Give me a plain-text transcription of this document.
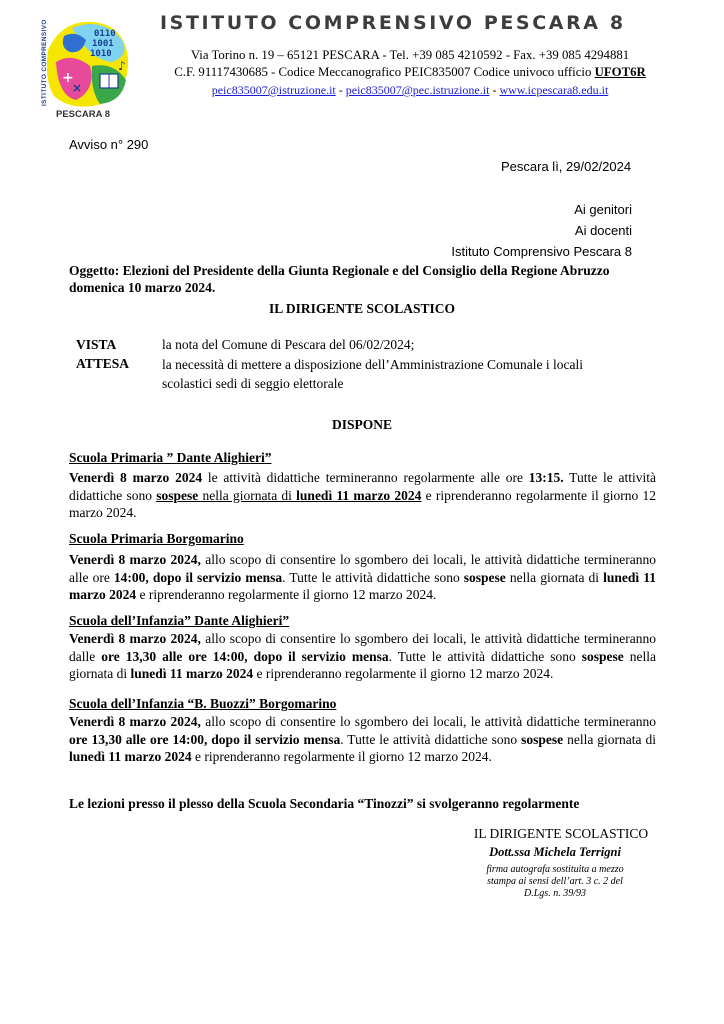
0110
1001
1010
+
×
♪
ISTITUTO COMPRENSIVO
PESCARA 8
ISTITUTO COMPRENSIVO PESCARA 8
Via Torino n. 19 – 65121 PESCARA - Tel. +39 085 4210592 - Fax. +39 085 4294881
C.F. 91117430685 - Codice Meccanografico PEIC835007 Codice univoco ufficio UFOT6R
peic835007@istruzione.it - peic835007@pec.istruzione.it - www.icpescara8.edu.it
Avviso n° 290
Pescara lì, 29/02/2024
Ai genitori
Ai docenti
Istituto Comprensivo Pescara 8
Oggetto: Elezioni del Presidente della Giunta Regionale e del Consiglio della Regione Abruzzo
domenica 10 marzo 2024.
IL DIRIGENTE SCOLASTICO
VISTA	la nota del Comune di Pescara del 06/02/2024;
ATTESA la necessità di mettere a disposizione dell’Amministrazione Comunale i locali
scolastici sedi di seggio elettorale
DISPONE
Scuola Primaria ” Dante Alighieri”
Venerdì 8 marzo 2024 le attività didattiche termineranno regolarmente alle ore 13:15. Tutte le attività didattiche sono sospese nella giornata di lunedì 11 marzo 2024 e riprenderanno regolarmente il giorno 12 marzo 2024.
Scuola Primaria Borgomarino
Venerdì 8 marzo 2024, allo scopo di consentire lo sgombero dei locali, le attività didattiche termineranno alle ore 14:00, dopo il servizio mensa. Tutte le attività didattiche sono sospese nella giornata di lunedì 11 marzo 2024 e riprenderanno regolarmente il giorno 12 marzo 2024.
Scuola dell’Infanzia” Dante Alighieri”
Venerdì 8 marzo 2024, allo scopo di consentire lo sgombero dei locali, le attività didattiche termineranno dalle ore 13,30 alle ore 14:00, dopo il servizio mensa. Tutte le attività didattiche sono sospese nella giornata di lunedì 11 marzo 2024 e riprenderanno regolarmente il giorno 12 marzo 2024.
Scuola dell’Infanzia “B. Buozzi” Borgomarino
Venerdì 8 marzo 2024, allo scopo di consentire lo sgombero dei locali, le attività didattiche termineranno ore 13,30 alle ore 14:00, dopo il servizio mensa. Tutte le attività didattiche sono sospese nella giornata di lunedì 11 marzo 2024 e riprenderanno regolarmente il giorno 12 marzo 2024.
Le lezioni presso il plesso della Scuola Secondaria “Tinozzi” si svolgeranno regolarmente
IL DIRIGENTE SCOLASTICO
Dott.ssa Michela Terrigni
firma autografa sostituita a mezzo
stampa ai sensi dell’art. 3 c. 2 del
D.Lgs. n. 39/93
